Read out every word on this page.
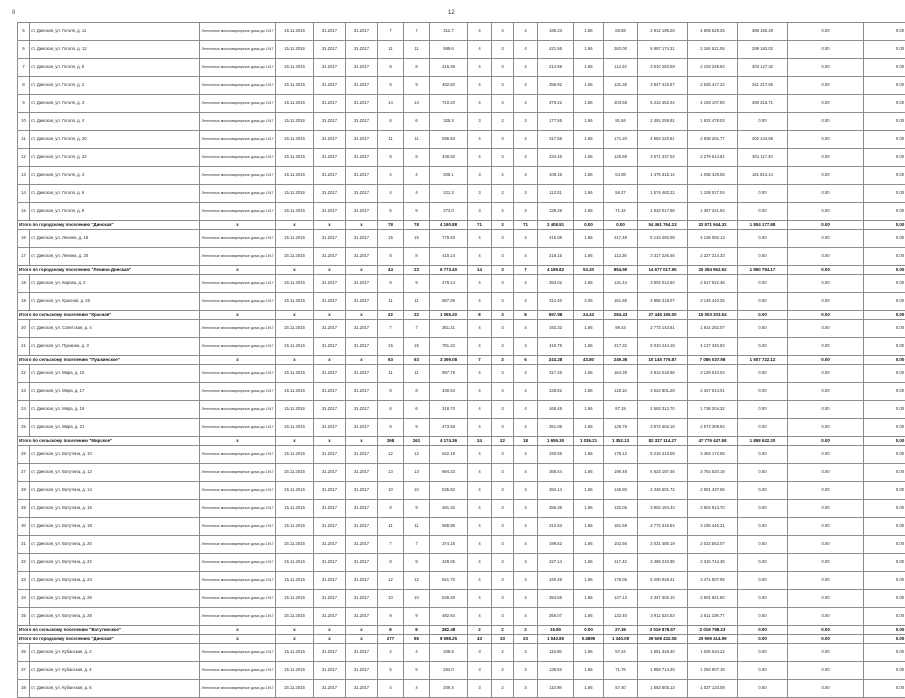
8	12
5	ст. Динская, ул. Гоголя, д. 11	Ленточные многоквартирные дома до 1917	15.11.2016	31.2017	31.2017	7	7	312.7	4	3	4	185.23	1.66	83.59	2 912 196.25	4 605 528.25	369 155.29	0.00	0.00
6	ст. Динская, ул. Гоголя, д. 12	Ленточные многоквартирные дома до 1917	15.11.2016	31.2017	31.2017	11	11	589.6	4	3	4	421.56	1.66	262.00	5 897 174.31	2 184 521.06	289 182.02	0.00	0.00
7	ст. Динская, ул. Гоголя, д. 5	Ленточные многоквартирные дома до 1917	15.11.2016	31.2017	31.2017	8	8	415.36	4	3	4	214.59	1.66	112.24	3 610 283.59	2 103 228.64	304 127.32	0.00	0.00
8	ст. Динская, ул. Гоголя, д. 2	Ленточные многоквартирные дома до 1917	15.11.2016	31.2017	31.2017	9	9	482.60	4	3	4	258.92	1.66	131.36	3 847 415.87	2 525 417.22	341 217.65	0.00	0.00
9	ст. Динская, ул. Гоголя, д. 3	Ленточные многоквартирные дома до 1917	15.11.2016	31.2017	31.2017	14	14	710.40	4	3	4	379.22	1.66	203.68	5 214 452.44	4 193 107.80	480 315.71	0.00	0.00
10	ст. Динская, ул. Гоголя, д. 4	Ленточные многоквартирные дома до 1917	15.11.2016	31.2017	31.2017	6	6	325.3	3	2	3	177.55	1.66	91.84	2 491 259.91	1 632 478.03	0.00	0.00	0.00
11	ст. Динская, ул. Гоголя, д. 20	Ленточные многоквартирные дома до 1917	15.11.2016	31.2017	31.2017	11	11	596.83	4	3	4	317.56	1.66	171.20	4 583 220.61	2 938 201.77	402 134.68	0.00	0.00
12	ст. Динская, ул. Гоголя, д. 22	Ленточные многоквартирные дома до 1917	15.11.2016	31.2017	31.2017	8	8	436.92	4	3	4	234.46	1.66	125.59	3 571 337.02	2 279 514.81	301 117.40	0.00	0.00
13	ст. Динская, ул. Гоголя, д. 4	Ленточные многоквартирные дома до 1917	15.11.2016	31.2017	31.2017	4	4	206.1	3	2	3	108.16	1.66	54.08	1 475 316.14	1 036 428.58	161 814.14	0.00	0.00
14	ст. Динская, ул. Гоголя, д. 6	Ленточные многоквартирные дома до 1917	15.11.2016	31.2017	31.2017	4	4	221.3	3	2	3	113.01	1.66	56.27	1 574 483.22	1 108 017.04	0.00	0.00	0.00
15	ст. Динская, ул. Гоголя, д. 8	Ленточные многоквартирные дома до 1917	15.11.2016	31.2017	31.2017	5	5	273.0	3	2	3	139.28	1.66	71.34	1 943 017.95	1 367 221.54	0.00	0.00	0.00
Итого по городскому поселению "Динская"		х	х	х	х	78	78	4 190.88	71	3	71	2 408.91	0.00	0.00	54 461 764.23	32 871 944.32	1 804 177.88	0.00	0.00
16	ст. Динская, ул. Ленина, д. 18	Ленточные многоквартирные дома до 1917	15.11.2016	31.2017	31.2017	15	15	779.40	4	3	4	415.08	1.66	217.48	6 143 260.08	4 138 082.13	0.00	0.00	0.00
17	ст. Динская, ул. Ленина, д. 20	Ленточные многоквартирные дома до 1917	15.11.2016	31.2017	31.2017	8	8	410.14	4	3	4	216.15	1.66	112.26	3 317 226.46	2 227 214.33	0.00	0.00	0.00
Итого по городскому поселению "Ленина-Динская"		х	х	х	х	44	23	6 773.40	14	3	7	4 199.82	53.20	854.90	14 677 017.95	20 384 952.92	1 950 784.17	0.00	0.00
18	ст. Динская, ул. Кирова, д. 2	Ленточные многоквартирные дома до 1917	15.11.2016	31.2017	31.2017	9	9	478.14	4	3	4	253.02	1.66	131.44	3 904 012.60	2 617 522.46	0.00	0.00	0.00
19	ст. Динская, ул. Красная, д. 25	Ленточные многоквартирные дома до 1917	15.11.2016	31.2017	31.2017	11	11	587.06	4	3	4	312.40	2.06	161.95	4 856 318.07	3 145 410.25	0.00	0.00	0.00
Итого по сельскому поселению "Красная"		х	х	х	х	22	22	1 065.20	8	3	8	557.98	24.43	294.43	27 446 195.00	15 053 203.54	0.00	0.00	0.00
20	ст. Динская, ул. Советская, д. 4	Ленточные многоквартирные дома до 1917	15.11.2016	31.2017	31.2017	7	7	361.21	4	3	4	192.33	1.66	99.43	2 773 143.61	1 814 282.07	0.00	0.00	0.00
21	ст. Динская, ул. Пушкина, д. 3	Ленточные многоквартирные дома до 1917	15.11.2016	31.2017	31.2017	15	15	781.22	4	3	4	415.79	1.66	217.32	6 010 244.18	4 127 340.92	0.00	0.00	0.00
Итого по сельскому поселению "Пушкинское"		х	х	х	х	63	63	3 399.08	7	3	6	244.28	43.80	249.36	10 145 776.87	7 086 037.98	1 507 722.12	0.00	0.00
22	ст. Динская, ул. Мира, д. 15	Ленточные многоквартирные дома до 1917	15.11.2016	31.2017	31.2017	11	11	597.78	4	3	4	317.26	1.66	164.39	4 814 018.96	3 129 510.04	0.00	0.00	0.00
23	ст. Динская, ул. Мира, д. 17	Ленточные многоквартирные дома до 1917	15.11.2016	31.2017	31.2017	8	8	430.54	4	3	4	228.62	1.66	118.16	3 524 801.28	2 347 614.01	0.00	0.00	0.00
24	ст. Динская, ул. Мира, д. 19	Ленточные многоквартирные дома до 1917	15.11.2016	31.2017	31.2017	6	6	318.70	4	3	4	168.48	1.66	87.19	2 593 312.70	1 736 204.32	0.00	0.00	0.00
25	ст. Динская, ул. Мира, д. 21	Ленточные многоквартирные дома до 1917	15.11.2016	31.2017	31.2017	9	9	473.56	4	3	4	251.06	1.66	129.78	3 872 402.15	2 573 309.54	0.00	0.00	0.00
Итого по сельскому поселению "Мирское"		х	х	х	х	268	261	4 174.36	24	22	18	1 659.30	1 036.21	1 352.13	82 327 114.27	47 776 447.58	1 858 632.20	0.00	0.00
26	ст. Динская, ул. Ватутина, д. 10	Ленточные многоквартирные дома до 1917	15.11.2016	31.2017	31.2017	12	12	642.19	4	3	4	340.56	1.66	176.12	5 216 413.08	3 484 172.56	0.00	0.00	0.00
27	ст. Динская, ул. Ватутина, д. 12	Ленточные многоквартирные дома до 1917	15.11.2016	31.2017	31.2017	13	13	694.33	4	3	4	368.44	1.66	190.48	5 623 187.46	3 764 520.18	0.00	0.00	0.00
28	ст. Динская, ул. Ватутина, д. 14	Ленточные многоквартирные дома до 1917	15.11.2016	31.2017	31.2017	10	10	535.50	4	3	4	284.14	1.66	146.90	4 346 501.72	2 901 437.65	0.00	0.00	0.00
29	ст. Динская, ул. Ватутина, д. 16	Ленточные многоквартирные дома до 1917	15.11.2016	31.2017	31.2017	9	9	481.32	4	3	4	255.38	1.66	132.05	3 902 184.33	2 604 913.70	0.00	0.00	0.00
30	ст. Динская, ул. Ватутина, д. 18	Ленточные многоквартирные дома до 1917	15.11.2016	31.2017	31.2017	11	11	588.96	4	3	4	312.53	1.66	161.58	4 772 316.84	3 185 440.21	0.00	0.00	0.00
31	ст. Динская, ул. Ватутина, д. 20	Ленточные многоквартирные дома до 1917	15.11.2016	31.2017	31.2017	7	7	374.15	4	3	4	198.52	1.66	102.66	3 031 480.19	2 023 562.07	0.00	0.00	0.00
32	ст. Динская, ул. Ватутина, д. 22	Ленточные многоквартирные дома до 1917	15.11.2016	31.2017	31.2017	8	8	428.06	4	3	4	227.14	1.66	117.43	3 469 210.95	2 315 744.36	0.00	0.00	0.00
33	ст. Динская, ул. Ватутина, д. 24	Ленточные многоквартирные дома до 1917	15.11.2016	31.2017	31.2017	12	12	641.70	4	3	4	340.49	1.66	176.05	5 200 628.41	3 471 507.95	0.00	0.00	0.00
34	ст. Динская, ул. Ватутина, д. 26	Ленточные многоквартирные дома до 1917	15.11.2016	31.2017	31.2017	10	10	536.30	4	3	4	284.56	1.66	147.13	4 347 302.10	2 901 821.60	0.00	0.00	0.00
35	ст. Динская, ул. Ватутина, д. 28	Ленточные многоквартирные дома до 1917	15.11.2016	31.2017	31.2017	9	9	482.64	4	3	4	256.07	1.66	132.40	3 911 524.03	2 611 108.77	0.00	0.00	0.00
Итого по сельскому поселению "Ватутинское"		х	х	х	х	8	8	382.48	2	2	2	15.90	0.00	27.36	3 019 878.57	2 018 798.23	0.00	0.00	0.00
Итого по городскому поселению "Динская"		х	х	х	х	277	85	8 598.25	43	33	23	1 940.85	0.5895	1 340.08	39 508 432.08	20 959 414.99	0.00	0.00	0.00
36	ст. Динская, ул. Кубанская, д. 2	Ленточные многоквартирные дома до 1917	15.11.2016	31.2017	31.2017	4	4	208.9	3	2	3	110.65	1.66	57.24	1 551 318.40	1 025 634.22	0.00	0.00	0.00
37	ст. Динская, ул. Кубанская, д. 4	Ленточные многоквартирные дома до 1917	15.11.2016	31.2017	31.2017	5	5	264.0	3	2	3	138.52	1.66	71.76	1 958 714.25	1 294 807.16	0.00	0.00	0.00
38	ст. Динская, ул. Кубанская, д. 6	Ленточные многоквартирные дома до 1917	15.11.2016	31.2017	31.2017	4	4	209.4	3	2	3	110.98	1.66	57.40	1 553 605.13	1 027 133.08	0.00	0.00	0.00
